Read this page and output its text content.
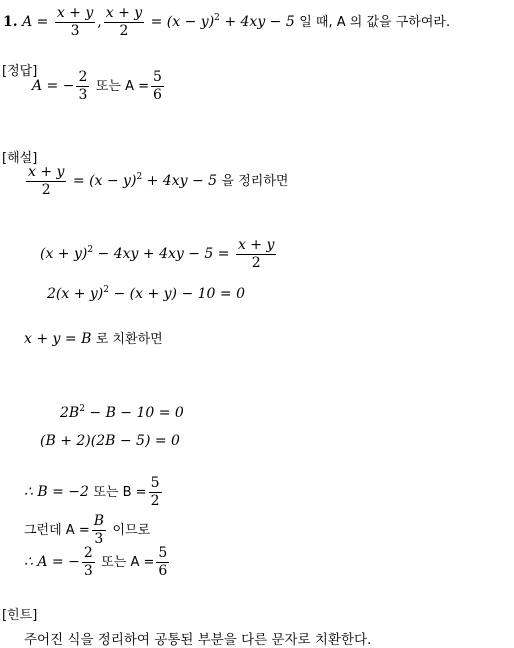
1. $A = \frac{x + y}{3}$ , $\frac{x + y}{2} = (x - y)^2 + 4xy - 5$ 일 때, A 의 값을 구하여라.
[정답]
A = − $\frac{2}{3}$ 또는 $A = \frac{5}{6}$
[해설]
$\frac{x + y}{2} = (x - y)^2 + 4xy - 5$ 을 정리하면
$(x + y)^2 - 4xy + 4xy - 5 = \frac{x + y}{2}$
$2(x + y)^2 - (x + y) - 10 = 0$
x + y = B 로 치환하면
$2B^2 - B - 10 = 0$
(B + 2)(2B − 5) = 0
∴ B = −2 또는 $B = \frac{5}{2}$
그런데 $A = \frac{B}{3}$ 이므로
∴ A = − $\frac{2}{3}$ 또는 $A = \frac{5}{6}$
[힌트]
주어진 식을 정리하여 공통된 부분을 다른 문자로 치환한다.
